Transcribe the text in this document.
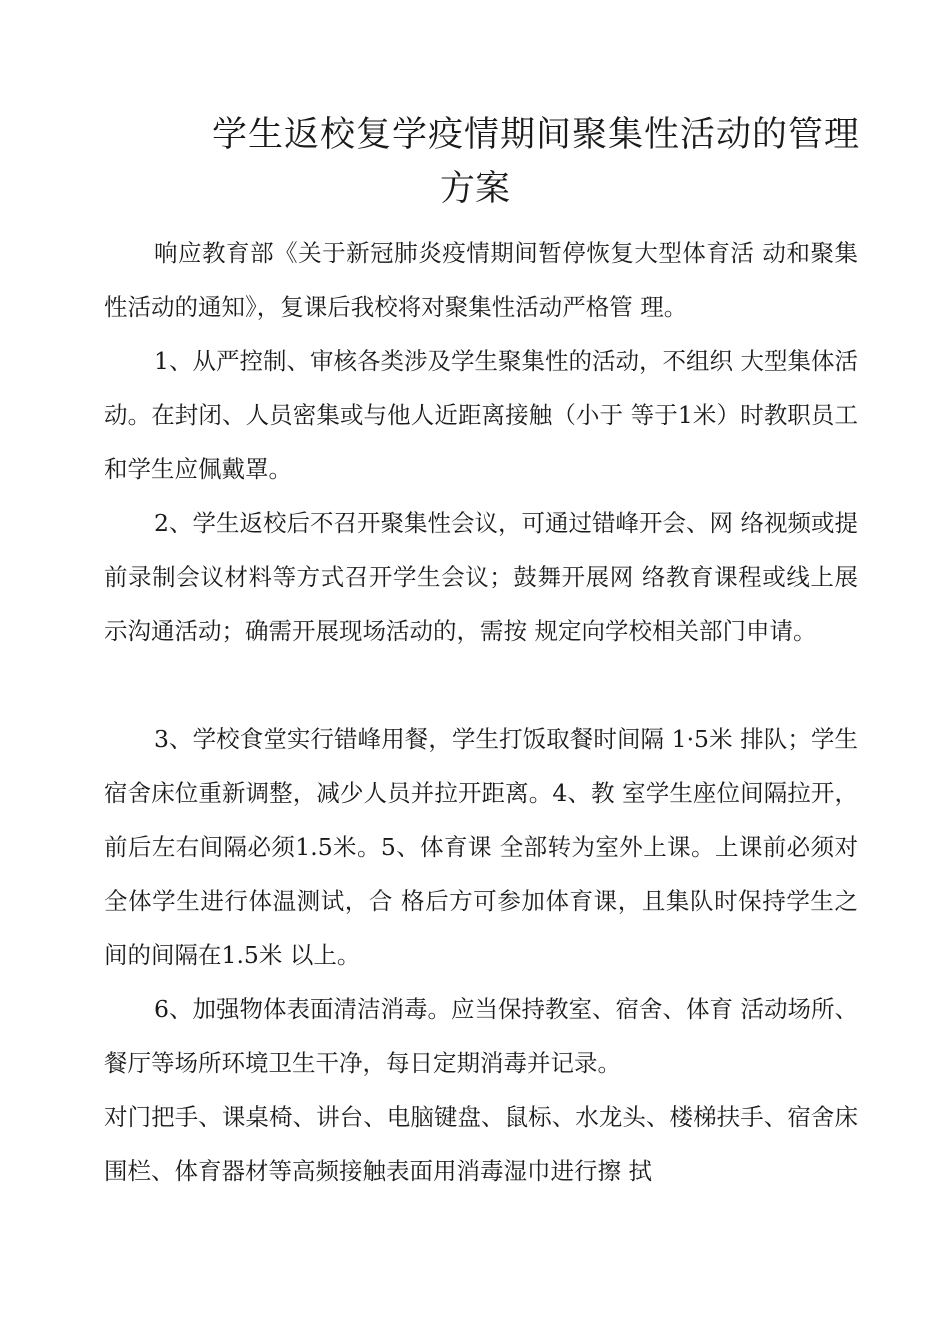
学生返校复学疫情期间聚集性活动的管理
方案

响应教育部《关于新冠肺炎疫情期间暂停恢复大型体育活 动和聚集性活动的通知》，复课后我校将对聚集性活动严格管 理。

1、从严控制、审核各类涉及学生聚集性的活动，不组织 大型集体活动。在封闭、人员密集或与他人近距离接触（小于 等于1米）时教职员工和学生应佩戴罩。

2、学生返校后不召开聚集性会议，可通过错峰开会、网 络视频或提前录制会议材料等方式召开学生会议；鼓舞开展网 络教育课程或线上展示沟通活动；确需开展现场活动的，需按 规定向学校相关部门申请。

3、学校食堂实行错峰用餐，学生打饭取餐时间隔 1·5米 排队；学生宿舍床位重新调整，减少人员并拉开距离。4、教 室学生座位间隔拉开，前后左右间隔必须1.5米。5、体育课 全部转为室外上课。上课前必须对全体学生进行体温测试，合 格后方可参加体育课，且集队时保持学生之间的间隔在1.5米 以上。

6、加强物体表面清洁消毒。应当保持教室、宿舍、体育 活动场所、餐厅等场所环境卫生干净，每日定期消毒并记录。

对门把手、课桌椅、讲台、电脑键盘、鼠标、水龙头、楼梯扶手、宿舍床围栏、体育器材等高频接触表面用消毒湿巾进行擦 拭
